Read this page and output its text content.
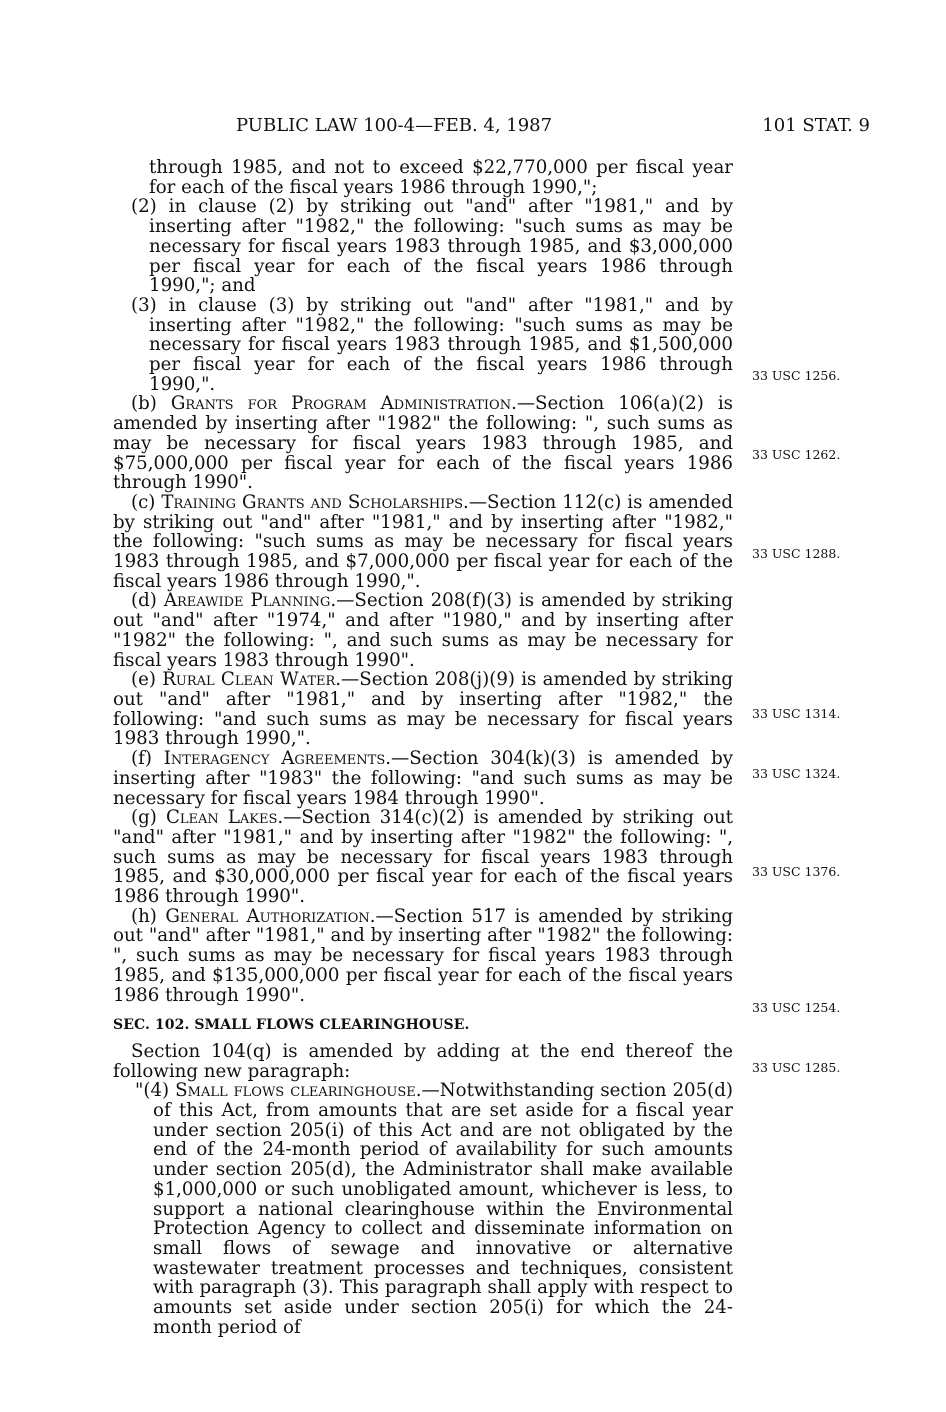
PUBLIC LAW 100-4—FEB. 4, 1987	101 STAT. 9

through 1985, and not to exceed $22,770,000 per fiscal year for each of the fiscal years 1986 through 1990,";

(2) in clause (2) by striking out "and" after "1981," and by inserting after "1982," the following: "such sums as may be necessary for fiscal years 1983 through 1985, and $3,000,000 per fiscal year for each of the fiscal years 1986 through 1990,"; and

(3) in clause (3) by striking out "and" after "1981," and by inserting after "1982," the following: "such sums as may be necessary for fiscal years 1983 through 1985, and $1,500,000 per fiscal year for each of the fiscal years 1986 through 1990,".

(b) Grants for Program Administration.—Section 106(a)(2) is amended by inserting after "1982" the following: ", such sums as may be necessary for fiscal years 1983 through 1985, and $75,000,000 per fiscal year for each of the fiscal years 1986 through 1990".

(c) Training Grants and Scholarships.—Section 112(c) is amended by striking out "and" after "1981," and by inserting after "1982," the following: "such sums as may be necessary for fiscal years 1983 through 1985, and $7,000,000 per fiscal year for each of the fiscal years 1986 through 1990,".

(d) Areawide Planning.—Section 208(f)(3) is amended by striking out "and" after "1974," and after "1980," and by inserting after "1982" the following: ", and such sums as may be necessary for fiscal years 1983 through 1990".

(e) Rural Clean Water.—Section 208(j)(9) is amended by striking out "and" after "1981," and by inserting after "1982," the following: "and such sums as may be necessary for fiscal years 1983 through 1990,".

(f) Interagency Agreements.—Section 304(k)(3) is amended by inserting after "1983" the following: "and such sums as may be necessary for fiscal years 1984 through 1990".

(g) Clean Lakes.—Section 314(c)(2) is amended by striking out "and" after "1981," and by inserting after "1982" the following: ", such sums as may be necessary for fiscal years 1983 through 1985, and $30,000,000 per fiscal year for each of the fiscal years 1986 through 1990".

(h) General Authorization.—Section 517 is amended by striking out "and" after "1981," and by inserting after "1982" the following: ", such sums as may be necessary for fiscal years 1983 through 1985, and $135,000,000 per fiscal year for each of the fiscal years 1986 through 1990".

SEC. 102. SMALL FLOWS CLEARINGHOUSE.

Section 104(q) is amended by adding at the end thereof the following new paragraph:

"(4) Small flows clearinghouse.—Notwithstanding section 205(d) of this Act, from amounts that are set aside for a fiscal year under section 205(i) of this Act and are not obligated by the end of the 24-month period of availability for such amounts under section 205(d), the Administrator shall make available $1,000,000 or such unobligated amount, whichever is less, to support a national clearinghouse within the Environmental Protection Agency to collect and disseminate information on small flows of sewage and innovative or alternative wastewater treatment processes and techniques, consistent with paragraph (3). This paragraph shall apply with respect to amounts set aside under section 205(i) for which the 24-month period of

33 USC 1256.
33 USC 1262.
33 USC 1288.
33 USC 1314.
33 USC 1324.
33 USC 1376.
33 USC 1254.
33 USC 1285.
